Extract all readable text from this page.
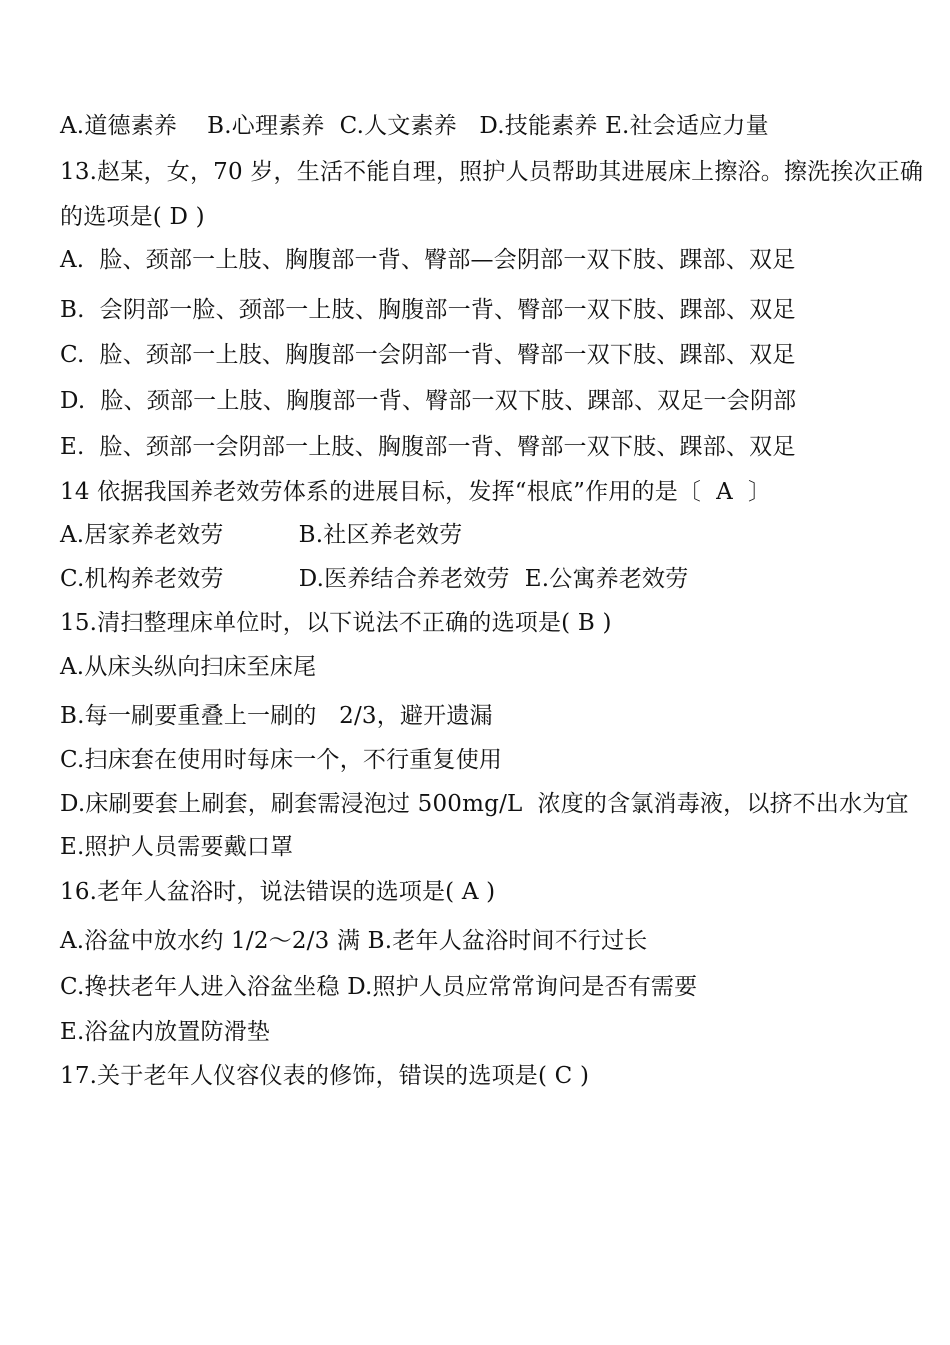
A.道德素养    B.心理素养  C.人文素养   D.技能素养 E.社会适应力量
13.赵某，女，70 岁，生活不能自理，照护人员帮助其进展床上擦浴。擦洗挨次正确的选项是( D )
A.  脸、颈部一上肢、胸腹部一背、臀部—会阴部一双下肢、踝部、双足
B.  会阴部一脸、颈部一上肢、胸腹部一背、臀部一双下肢、踝部、双足
C.  脸、颈部一上肢、胸腹部一会阴部一背、臀部一双下肢、踝部、双足
D.  脸、颈部一上肢、胸腹部一背、臀部一双下肢、踝部、双足一会阴部
E.  脸、颈部一会阴部一上肢、胸腹部一背、臀部一双下肢、踝部、双足
14 依据我国养老效劳体系的进展目标，发挥“根底”作用的是〔  A  〕
A.居家养老效劳          B.社区养老效劳
C.机构养老效劳          D.医养结合养老效劳  E.公寓养老效劳
15.清扫整理床单位时，以下说法不正确的选项是( B )
A.从床头纵向扫床至床尾
B.每一刷要重叠上一刷的   2/3，避开遗漏
C.扫床套在使用时每床一个，不行重复使用
D.床刷要套上刷套，刷套需浸泡过 500mg/L  浓度的含氯消毒液，以挤不出水为宜
E.照护人员需要戴口罩
16.老年人盆浴时，说法错误的选项是( A )
A.浴盆中放水约 1/2～2/3 满 B.老年人盆浴时间不行过长
C.搀扶老年人进入浴盆坐稳 D.照护人员应常常询问是否有需要
E.浴盆内放置防滑垫
17.关于老年人仪容仪表的修饰，错误的选项是( C )
